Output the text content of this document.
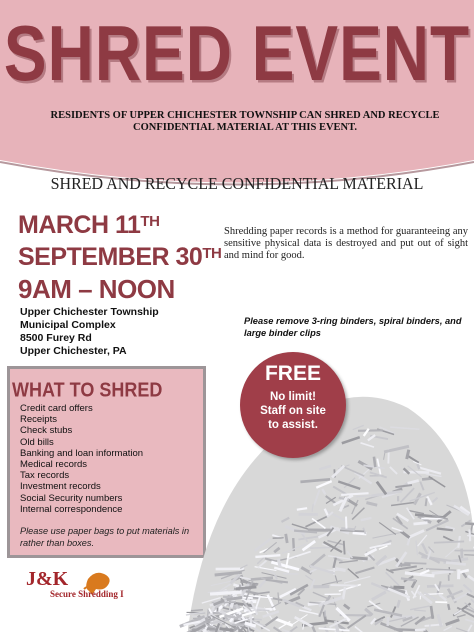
SHRED EVENT
RESIDENTS OF UPPER CHICHESTER TOWNSHIP CAN SHRED AND RECYCLE CONFIDENTIAL MATERIAL AT THIS EVENT.
SHRED AND RECYCLE CONFIDENTIAL MATERIAL
MARCH 11TH
SEPTEMBER 30TH
9AM – NOON
Upper Chichester Township
Municipal Complex
8500 Furey Rd
Upper Chichester, PA
Shredding paper records is a method for guaranteeing any sensitive physical data is destroyed and put out of sight and mind for good.
Please remove 3-ring binders, spiral binders, and large binder clips
WHAT TO SHRED
Credit card offers
Receipts
Check stubs
Old bills
Banking and loan information
Medical records
Tax records
Investment records
Social Security numbers
Internal correspondence
Please use paper bags to put materials in rather than boxes.
FREE
No limit!
Staff on site
to assist.
J&K
Secure Shredding I
